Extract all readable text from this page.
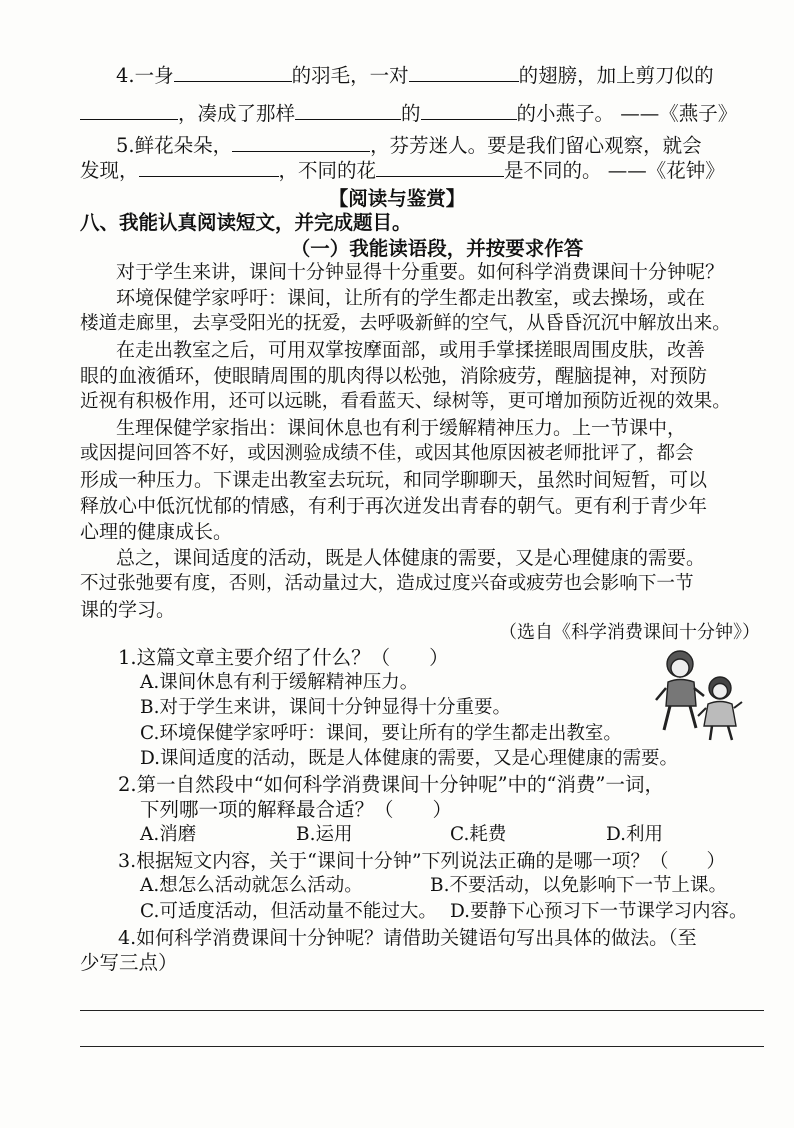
4.一身	的羽毛，一对	的翅膀，加上剪刀似的
，凑成了那样	的	的小燕子。 ——《燕子》
5.鲜花朵朵，	，芬芳迷人。要是我们留心观察，就会
发现，	，不同的花	是不同的。 ——《花钟》
【阅读与鉴赏】
八、我能认真阅读短文，并完成题目。
（一）我能读语段，并按要求作答
对于学生来讲，课间十分钟显得十分重要。如何科学消费课间十分钟呢？
环境保健学家呼吁：课间，让所有的学生都走出教室，或去操场，或在
楼道走廊里，去享受阳光的抚爱，去呼吸新鲜的空气，从昏昏沉沉中解放出来。
在走出教室之后，可用双掌按摩面部，或用手掌揉搓眼周围皮肤，改善
眼的血液循环，使眼睛周围的肌肉得以松弛，消除疲劳，醒脑提神，对预防
近视有积极作用，还可以远眺，看看蓝天、绿树等，更可增加预防近视的效果。
生理保健学家指出：课间休息也有利于缓解精神压力。上一节课中，
或因提问回答不好，或因测验成绩不佳，或因其他原因被老师批评了，都会
形成一种压力。下课走出教室去玩玩，和同学聊聊天，虽然时间短暂，可以
释放心中低沉忧郁的情感，有利于再次迸发出青春的朝气。更有利于青少年
心理的健康成长。
总之，课间适度的活动，既是人体健康的需要，又是心理健康的需要。
不过张弛要有度，否则，活动量过大，造成过度兴奋或疲劳也会影响下一节
课的学习。
（选自《科学消费课间十分钟》）
1.这篇文章主要介绍了什么？（　　）
A.课间休息有利于缓解精神压力。
B.对于学生来讲，课间十分钟显得十分重要。
C.环境保健学家呼吁：课间，要让所有的学生都走出教室。
D.课间适度的活动，既是人体健康的需要，又是心理健康的需要。
2.第一自然段中“如何科学消费课间十分钟呢”中的“消费”一词，
下列哪一项的解释最合适？（　　）
A.消磨	B.运用	C.耗费	D.利用
3.根据短文内容，关于“课间十分钟”下列说法正确的是哪一项？（　　）
A.想怎么活动就怎么活动。	B.不要活动，以免影响下一节上课。
C.可适度活动，但活动量不能过大。 D.要静下心预习下一节课学习内容。
4.如何科学消费课间十分钟呢？请借助关键语句写出具体的做法。（至
少写三点）
